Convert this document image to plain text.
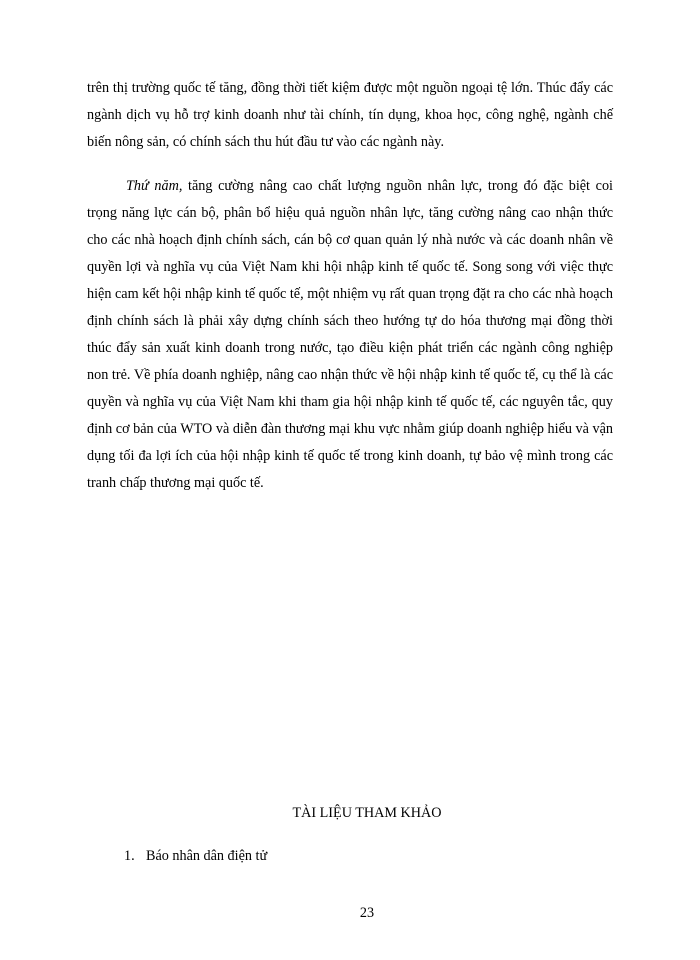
trên thị trường quốc tế tăng, đồng thời tiết kiệm được một nguồn ngoại tệ lớn. Thúc đẩy các ngành dịch vụ hỗ trợ kinh doanh như tài chính, tín dụng, khoa học, công nghệ, ngành chế biến nông sản, có chính sách thu hút đầu tư vào các ngành này.

Thứ năm, tăng cường nâng cao chất lượng nguồn nhân lực, trong đó đặc biệt coi trọng năng lực cán bộ, phân bổ hiệu quả nguồn nhân lực, tăng cường nâng cao nhận thức cho các nhà hoạch định chính sách, cán bộ cơ quan quản lý nhà nước và các doanh nhân về quyền lợi và nghĩa vụ của Việt Nam khi hội nhập kinh tế quốc tế. Song song với việc thực hiện cam kết hội nhập kinh tế quốc tế, một nhiệm vụ rất quan trọng đặt ra cho các nhà hoạch định chính sách là phải xây dựng chính sách theo hướng tự do hóa thương mại đồng thời thúc đẩy sản xuất kinh doanh trong nước, tạo điều kiện phát triển các ngành công nghiệp non trẻ. Về phía doanh nghiệp, nâng cao nhận thức về hội nhập kinh tế quốc tế, cụ thể là các quyền và nghĩa vụ của Việt Nam khi tham gia hội nhập kinh tế quốc tế, các nguyên tắc, quy định cơ bản của WTO và diễn đàn thương mại khu vực nhằm giúp doanh nghiệp hiểu và vận dụng tối đa lợi ích của hội nhập kinh tế quốc tế trong kinh doanh, tự bảo vệ mình trong các tranh chấp thương mại quốc tế.

TÀI LIỆU THAM KHẢO

1. Báo nhân dân điện tử

23
